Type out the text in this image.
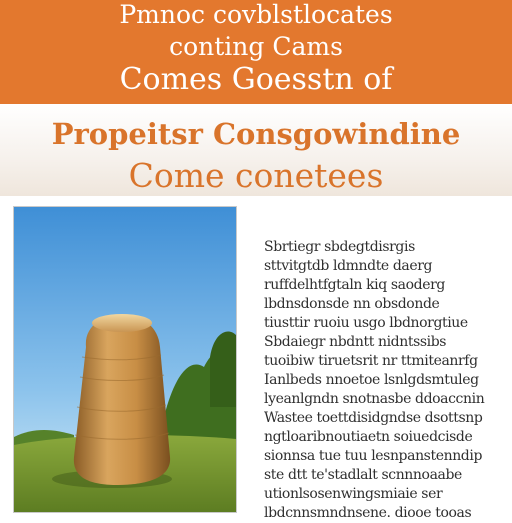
Pmnoc covblstlocates
conting Cams
Comes Goesstn of
Propeitsr Consgowindine
Come conetees

Sbrtiegr sbdegtdisrgis
sttvitgtdb ldmndte daerg
ruffdelhtfgtaln kiq saoderg
lbdnsdonsde nn obsdonde
tiusttir ruoiu usgo lbdnorgtiue
Sbdaiegr nbdntt nidntssibs
tuoibiw tiruetsrit nr ttmiteanrfg
Ianlbeds nnoetoe lsnlgdsmtuleg
lyeanlgndn snotnasbe ddoaccnin
Wastee toettdisidgndse dsottsnp
ngtloaribnoutiaetn soiuedcisde
sionnsa tue tuu lesnpanstenndip
ste dtt te'stadlalt scnnnoaabe
utionlsosenwingsmiaie ser
lbdcnnsmndnsene. diooe tooas
